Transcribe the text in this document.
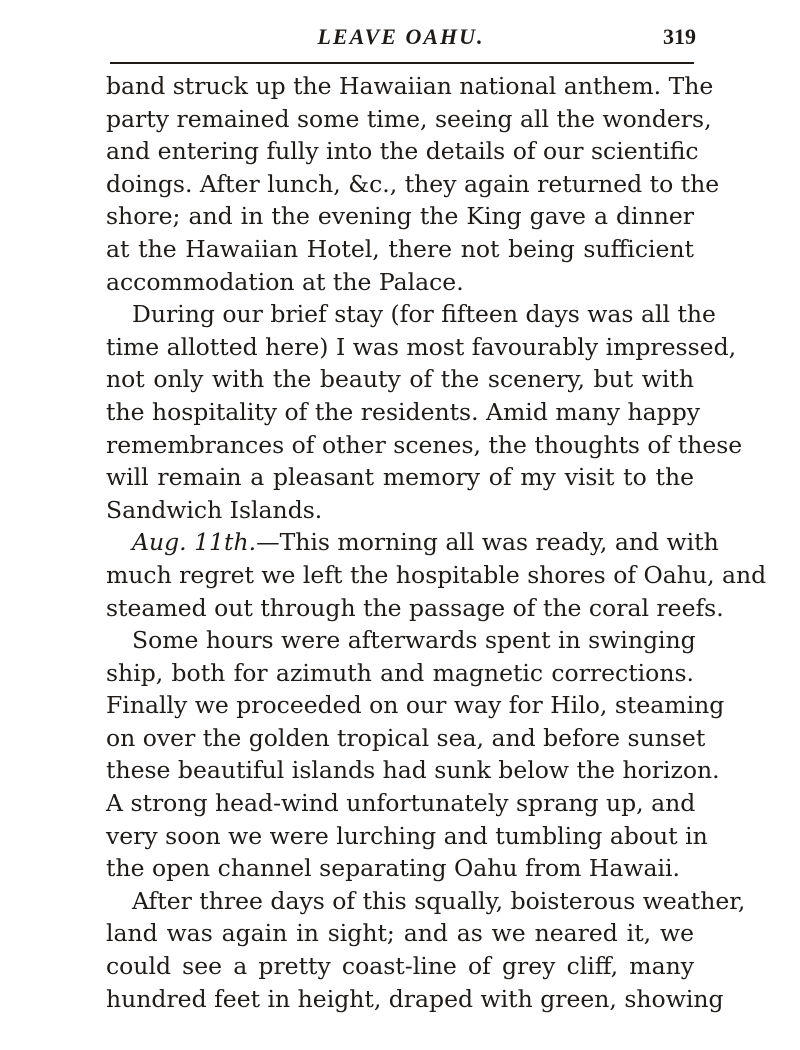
LEAVE OAHU.	319
band struck up the Hawaiian national anthem. The
party remained some time, seeing all the wonders,
and entering fully into the details of our scientific
doings. After lunch, &c., they again returned to the
shore; and in the evening the King gave a dinner
at the Hawaiian Hotel, there not being sufficient
accommodation at the Palace.
During our brief stay (for fifteen days was all the
time allotted here) I was most favourably impressed,
not only with the beauty of the scenery, but with
the hospitality of the residents. Amid many happy
remembrances of other scenes, the thoughts of these
will remain a pleasant memory of my visit to the
Sandwich Islands.
Aug. 11th.—This morning all was ready, and with
much regret we left the hospitable shores of Oahu, and
steamed out through the passage of the coral reefs.
Some hours were afterwards spent in swinging
ship, both for azimuth and magnetic corrections.
Finally we proceeded on our way for Hilo, steaming
on over the golden tropical sea, and before sunset
these beautiful islands had sunk below the horizon.
A strong head-wind unfortunately sprang up, and
very soon we were lurching and tumbling about in
the open channel separating Oahu from Hawaii.
After three days of this squally, boisterous weather,
land was again in sight; and as we neared it, we
could see a pretty coast-line of grey cliff, many
hundred feet in height, draped with green, showing
